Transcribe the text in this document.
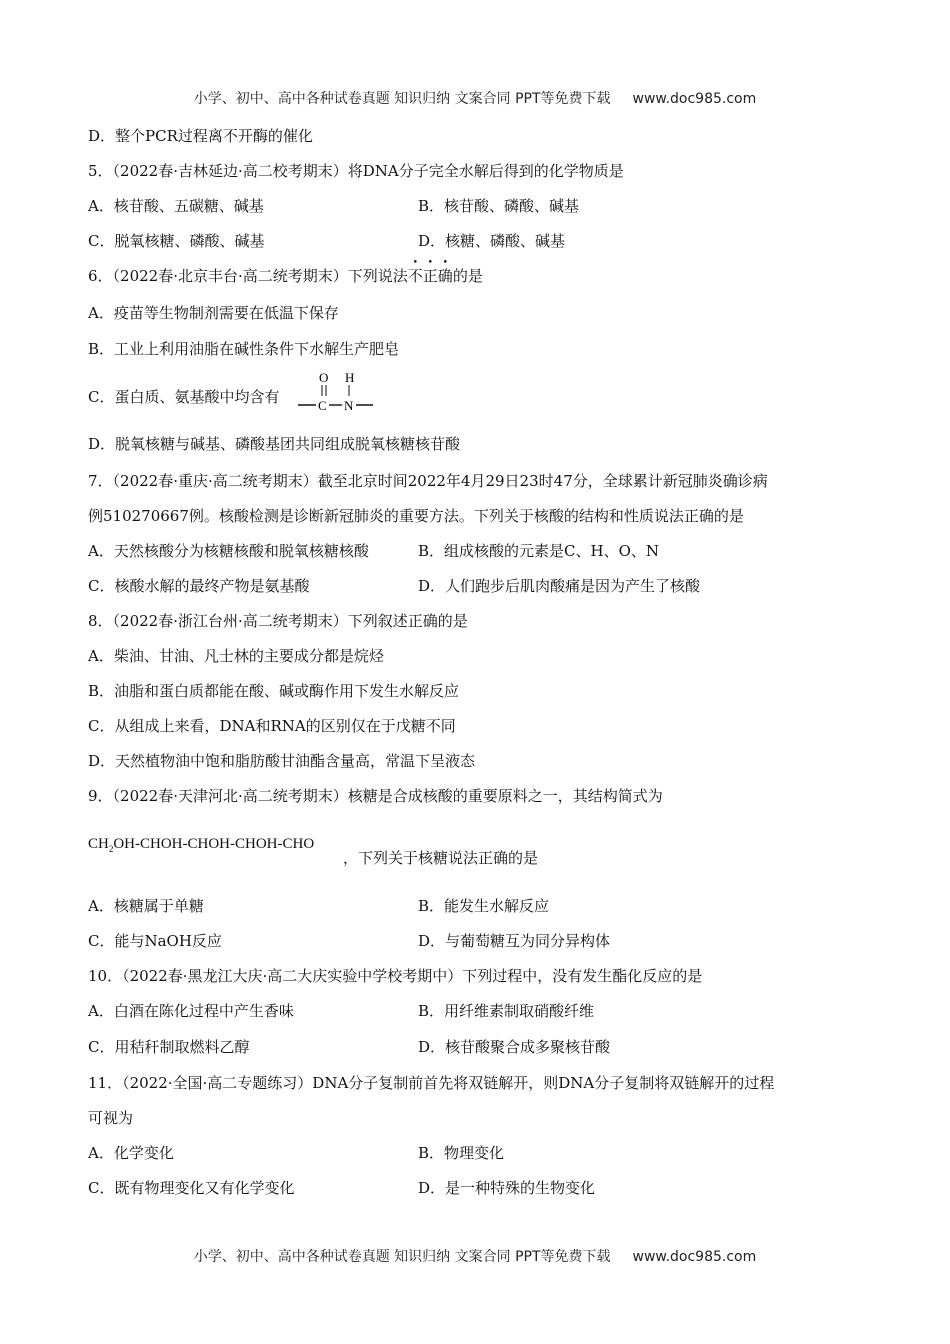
小学、初中、高中各种试卷真题 知识归纳 文案合同 PPT等免费下载 www.doc985.com
D．整个PCR过程离不开酶的催化
5．（2022春·吉林延边·高二校考期末）将DNA分子完全水解后得到的化学物质是
A．核苷酸、五碳糖、碱基	B．核苷酸、磷酸、碱基
C．脱氧核糖、磷酸、碱基	D．核糖、磷酸、碱基
6．（2022春·北京丰台·高二统考期末）下列说法不正确的是
A．疫苗等生物制剂需要在低温下保存
B．工业上利用油脂在碱性条件下水解生产肥皂
C．蛋白质、氨基酸中均含有
O H
C N
D．脱氧核糖与碱基、磷酸基团共同组成脱氧核糖核苷酸
7．（2022春·重庆·高二统考期末）截至北京时间2022年4月29日23时47分，全球累计新冠肺炎确诊病
例510270667例。核酸检测是诊断新冠肺炎的重要方法。下列关于核酸的结构和性质说法正确的是
A．天然核酸分为核糖核酸和脱氧核糖核酸	B．组成核酸的元素是C、H、O、N
C．核酸水解的最终产物是氨基酸	D．人们跑步后肌肉酸痛是因为产生了核酸
8．（2022春·浙江台州·高二统考期末）下列叙述正确的是
A．柴油、甘油、凡士林的主要成分都是烷烃
B．油脂和蛋白质都能在酸、碱或酶作用下发生水解反应
C．从组成上来看，DNA和RNA的区别仅在于戊糖不同
D．天然植物油中饱和脂肪酸甘油酯含量高，常温下呈液态
9．（2022春·天津河北·高二统考期末）核糖是合成核酸的重要原料之一，其结构简式为
$CH_2OH-CHOH-CHOH-CHOH$-CHO
，下列关于核糖说法正确的是
A．核糖属于单糖	B．能发生水解反应
C．能与NaOH反应	D．与葡萄糖互为同分异构体
10．（2022春·黑龙江大庆·高二大庆实验中学校考期中）下列过程中，没有发生酯化反应的是
A．白酒在陈化过程中产生香味	B．用纤维素制取硝酸纤维
C．用秸秆制取燃料乙醇	D．核苷酸聚合成多聚核苷酸
11．（2022·全国·高二专题练习）DNA分子复制前首先将双链解开，则DNA分子复制将双链解开的过程
可视为
A．化学变化	B．物理变化
C．既有物理变化又有化学变化	D．是一种特殊的生物变化
小学、初中、高中各种试卷真题 知识归纳 文案合同 PPT等免费下载 www.doc985.com
